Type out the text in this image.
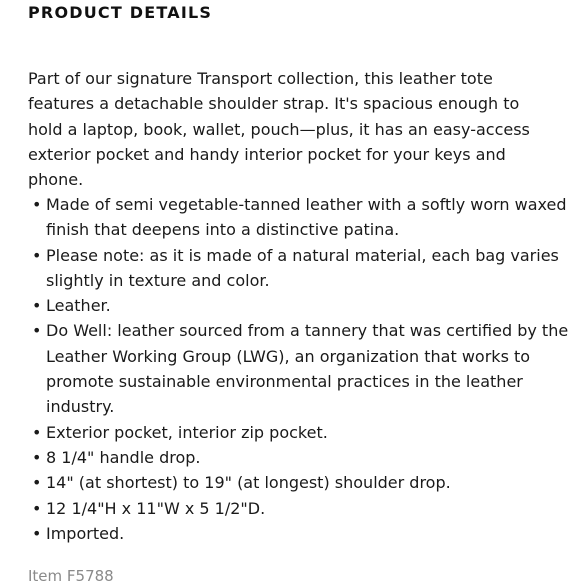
PRODUCT DETAILS

Part of our signature Transport collection, this leather tote features a detachable shoulder strap. It's spacious enough to hold a laptop, book, wallet, pouch—plus, it has an easy-access exterior pocket and handy interior pocket for your keys and phone.

• Made of semi vegetable-tanned leather with a softly worn waxed finish that deepens into a distinctive patina.
• Please note: as it is made of a natural material, each bag varies slightly in texture and color.
• Leather.
• Do Well: leather sourced from a tannery that was certified by the Leather Working Group (LWG), an organization that works to promote sustainable environmental practices in the leather industry.
• Exterior pocket, interior zip pocket.
• 8 1/4" handle drop.
• 14" (at shortest) to 19" (at longest) shoulder drop.
• 12 1/4"H x 11"W x 5 1/2"D.
• Imported.

Item F5788
